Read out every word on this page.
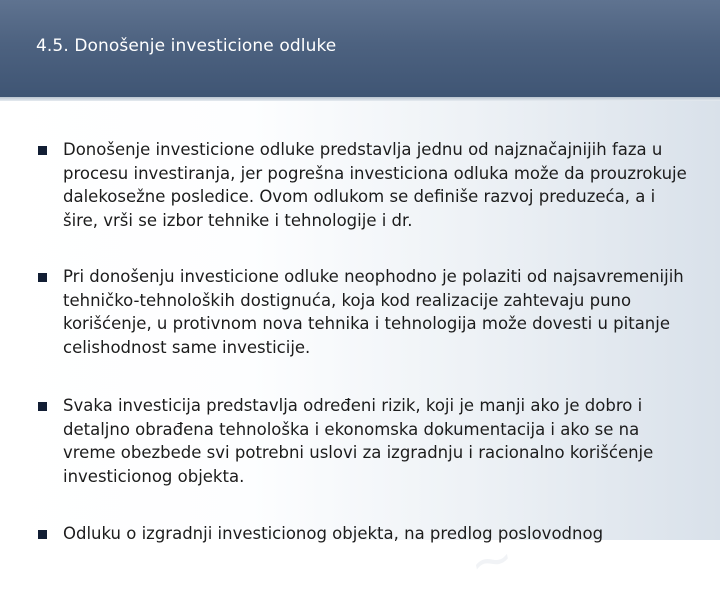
4.5. Donošenje investicione odluke
~
~
Donošenje investicione odluke predstavlja jednu od najznačajnijih faza u procesu investiranja, jer pogrešna investiciona odluka može da prouzrokuje dalekosežne posledice. Ovom odlukom se definiše razvoj preduzeća, a i šire, vrši se izbor tehnike i tehnologije i dr.
Pri donošenju investicione odluke neophodno je polaziti od najsavremenijih tehničko-tehnoloških dostignuća, koja kod realizacije zahtevaju puno korišćenje, u protivnom nova tehnika i tehnologija može dovesti u pitanje celishodnost same investicije.
Svaka investicija predstavlja određeni rizik, koji je manji ako je dobro i detaljno obrađena tehnološka i ekonomska dokumentacija i ako se na vreme obezbede svi potrebni uslovi za izgradnju i racionalno korišćenje investicionog objekta.
Odluku o izgradnji investicionog objekta, na predlog poslovodnog
